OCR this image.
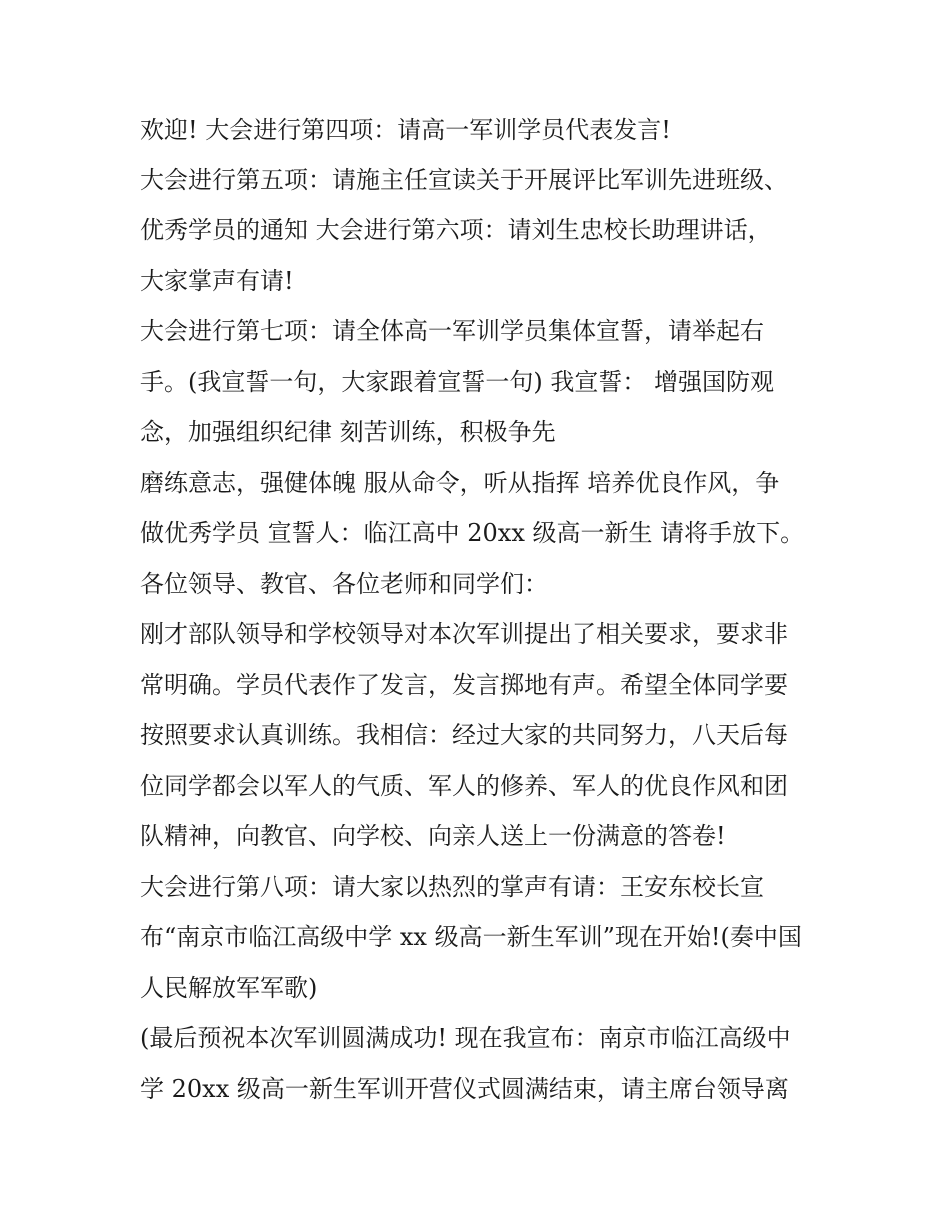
欢迎! 大会进行第四项：请高一军训学员代表发言!
大会进行第五项：请施主任宣读关于开展评比军训先进班级、
优秀学员的通知 大会进行第六项：请刘生忠校长助理讲话，
大家掌声有请!
大会进行第七项：请全体高一军训学员集体宣誓，请举起右
手。(我宣誓一句，大家跟着宣誓一句) 我宣誓： 增强国防观
念，加强组织纪律 刻苦训练，积极争先
磨练意志，强健体魄 服从命令，听从指挥 培养优良作风，争
做优秀学员 宣誓人：临江高中 20xx 级高一新生 请将手放下。
各位领导、教官、各位老师和同学们：
刚才部队领导和学校领导对本次军训提出了相关要求，要求非
常明确。学员代表作了发言，发言掷地有声。希望全体同学要
按照要求认真训练。我相信：经过大家的共同努力，八天后每
位同学都会以军人的气质、军人的修养、军人的优良作风和团
队精神，向教官、向学校、向亲人送上一份满意的答卷!
大会进行第八项：请大家以热烈的掌声有请：王安东校长宣
布“南京市临江高级中学 xx 级高一新生军训”现在开始!(奏中国
人民解放军军歌)
(最后预祝本次军训圆满成功! 现在我宣布：南京市临江高级中
学 20xx 级高一新生军训开营仪式圆满结束，请主席台领导离
